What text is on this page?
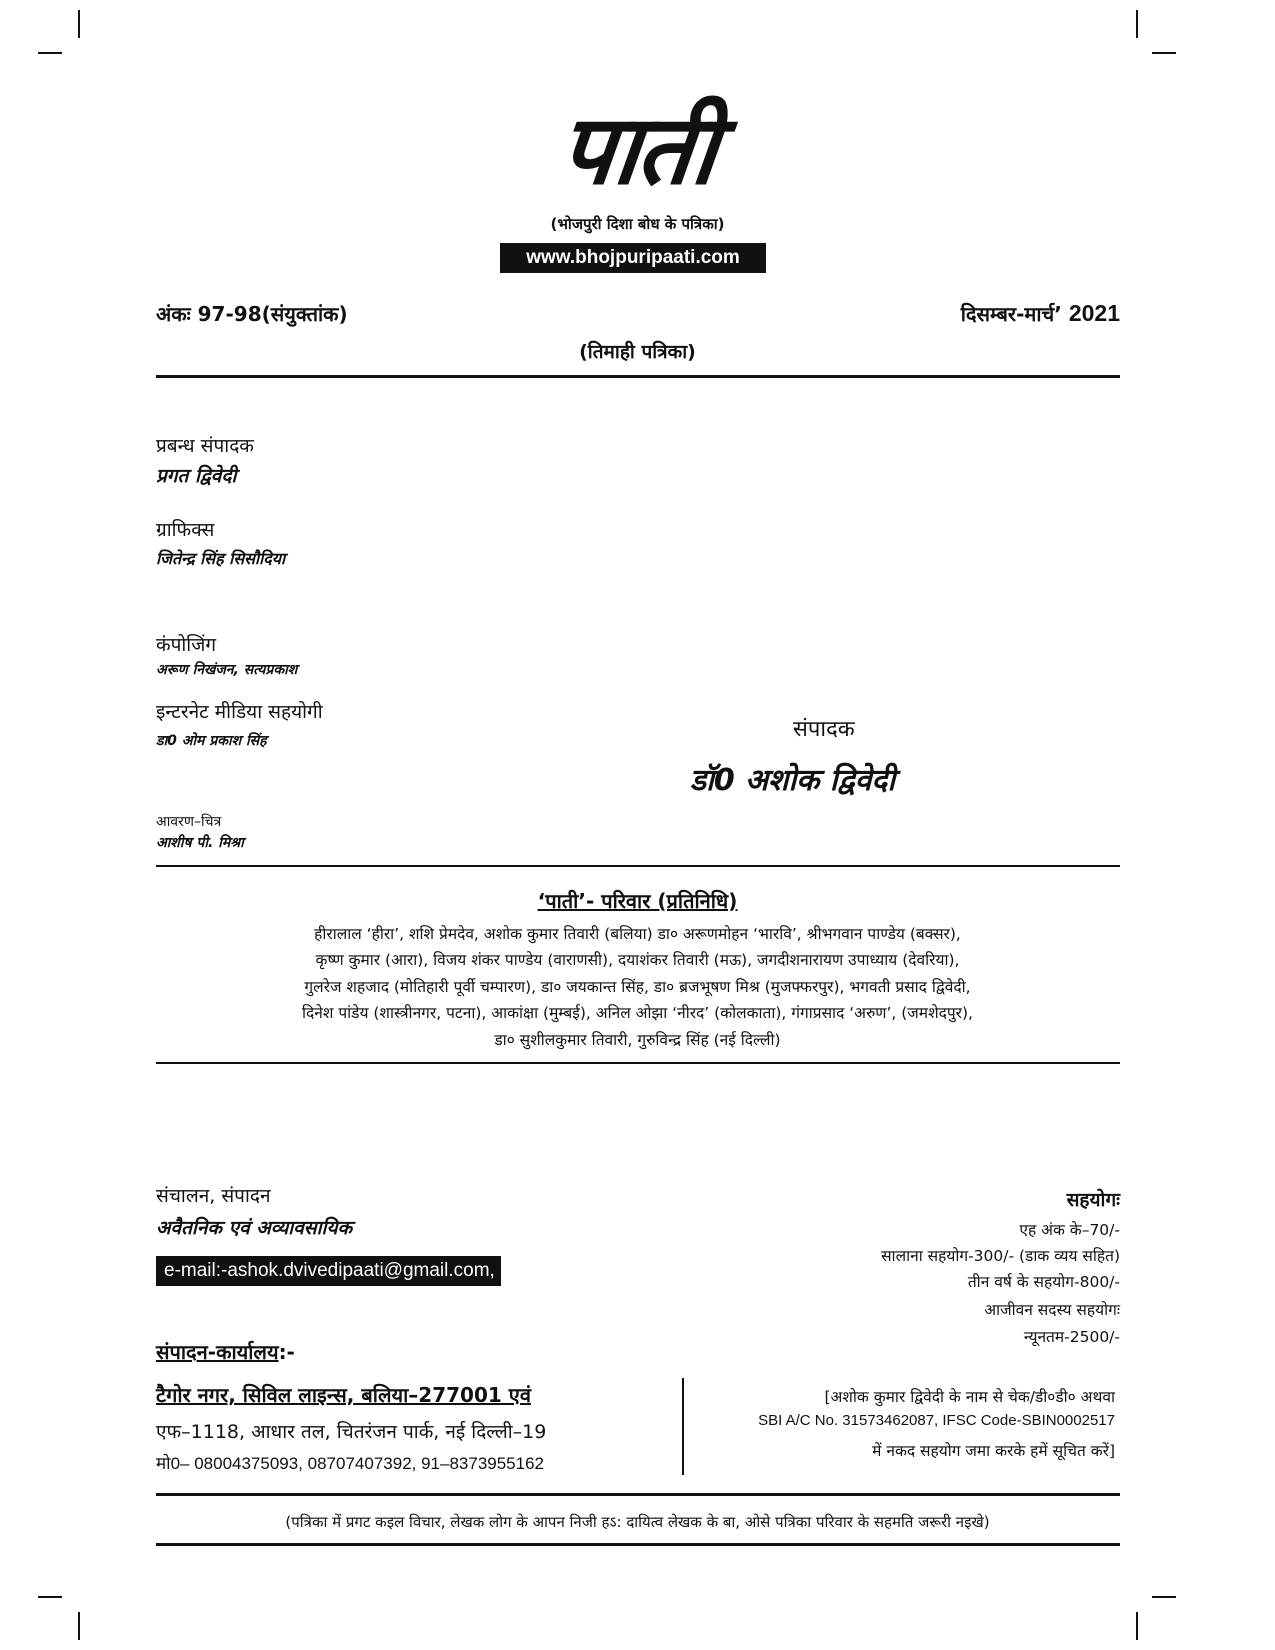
पाती
(भोजपुरी दिशा बोध के पत्रिका)
www.bhojpuripaati.com
अंकः 97-98(संयुक्तांक)	दिसम्बर-मार्च’ 2021
(तिमाही पत्रिका)
प्रबन्ध संपादक
प्रगत द्विवेदी
ग्राफिक्स
जितेन्द्र सिंह सिसौदिया
कंपोजिंग
अरूण निखंजन, सत्यप्रकाश
इन्टरनेट मीडिया सहयोगी
डा0 ओम प्रकाश सिंह	संपादक
डॉ0 अशोक द्विवेदी
आवरण–चित्र
आशीष पी. मिश्रा
‘पाती’- परिवार (प्रतिनिधि)
हीरालाल ‘हीरा’, शशि प्रेमदेव, अशोक कुमार तिवारी (बलिया) डा० अरूणमोहन ‘भारवि’, श्रीभगवान पाण्डेय (बक्सर),
कृष्ण कुमार (आरा), विजय शंकर पाण्डेय (वाराणसी), दयाशंकर तिवारी (मऊ), जगदीशनारायण उपाध्याय (देवरिया),
गुलरेज शहजाद (मोतिहारी पूर्वी चम्पारण), डा० जयकान्त सिंह, डा० ब्रजभूषण मिश्र (मुजफ्फरपुर), भगवती प्रसाद द्विवेदी,
दिनेश पांडेय (शास्त्रीनगर, पटना), आकांक्षा (मुम्बई), अनिल ओझा ‘नीरद’ (कोलकाता), गंगाप्रसाद ‘अरुण’, (जमशेदपुर),
डा० सुशीलकुमार तिवारी, गुरुविन्द्र सिंह (नई दिल्ली)
संचालन, संपादन
अवैतनिक एवं अव्यावसायिक
e-mail:-ashok.dvivedipaati@gmail.com,
सहयोगः
एह अंक के–70/-
सालाना सहयोग-300/- (डाक व्यय सहित)
तीन वर्ष के सहयोग-800/-
आजीवन सदस्य सहयोगः
न्यूनतम-2500/-
संपादन-कार्यालय:-
टैगोर नगर, सिविल लाइन्स, बलिया–277001 एवं
एफ–1118, आधार तल, चितरंजन पार्क, नई दिल्ली–19
मो0– 08004375093, 08707407392, 91–8373955162
[अशोक कुमार द्विवेदी के नाम से चेक/डी०डी० अथवा
SBI A/C No. 31573462087, IFSC Code-SBIN0002517
में नकद सहयोग जमा करके हमें सूचित करें]
(पत्रिका में प्रगट कइल विचार, लेखक लोग के आपन निजी हऽ: दायित्व लेखक के बा, ओसे पत्रिका परिवार के सहमति जरूरी नइखे)
